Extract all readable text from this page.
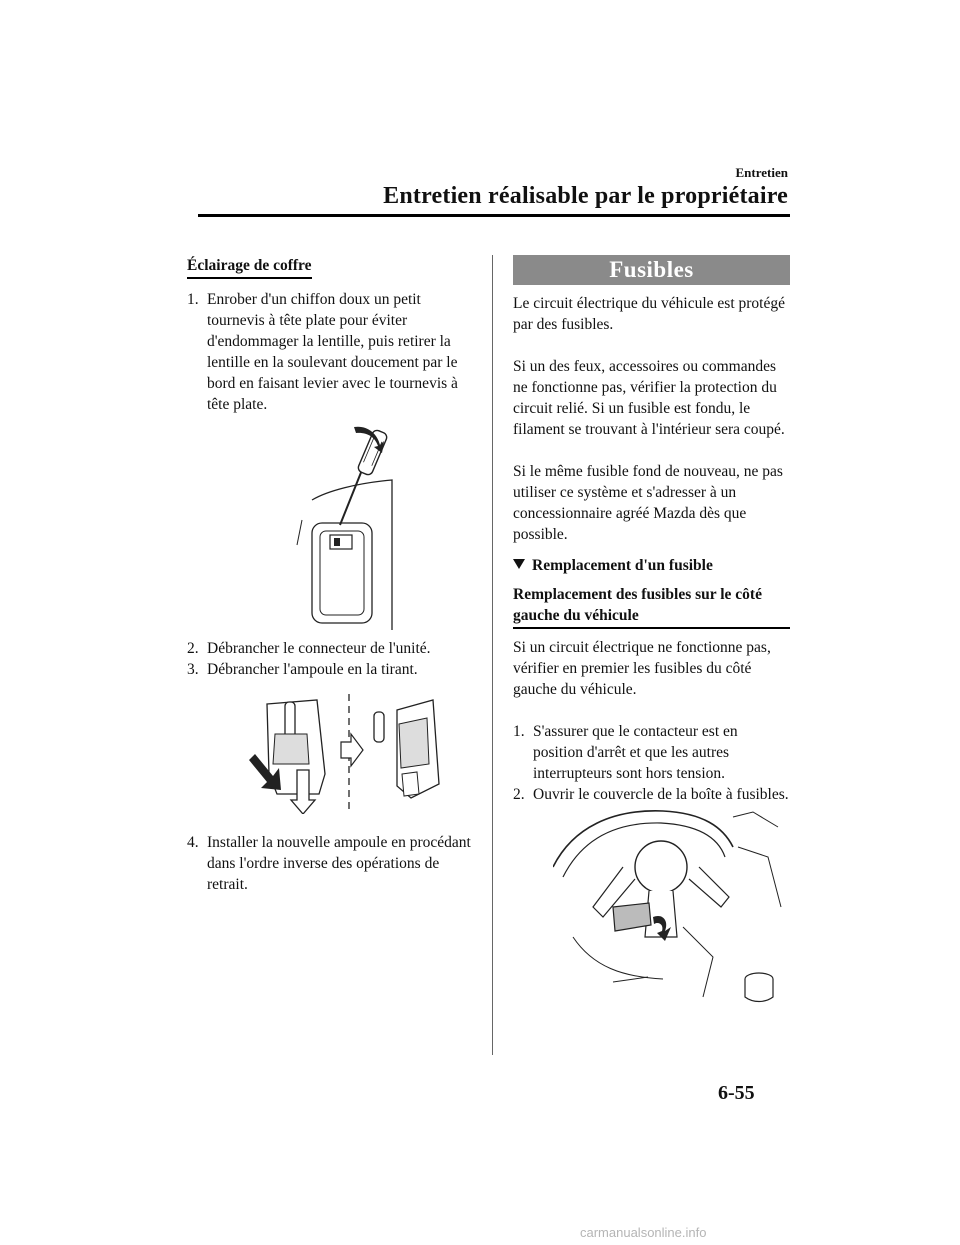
Entretien
Entretien réalisable par le propriétaire
Éclairage de coffre

1. Enrober d'un chiffon doux un petit tournevis à tête plate pour éviter d'endommager la lentille, puis retirer la lentille en la soulevant doucement par le bord en faisant levier avec le tournevis à tête plate.

2. Débrancher le connecteur de l'unité.

3. Débrancher l'ampoule en la tirant.

4. Installer la nouvelle ampoule en procédant dans l'ordre inverse des opérations de retrait.

Fusibles

Le circuit électrique du véhicule est protégé par des fusibles.

Si un des feux, accessoires ou commandes ne fonctionne pas, vérifier la protection du circuit relié. Si un fusible est fondu, le filament se trouvant à l'intérieur sera coupé.

Si le même fusible fond de nouveau, ne pas utiliser ce système et s'adresser à un concessionnaire agréé Mazda dès que possible.

Remplacement d'un fusible

Remplacement des fusibles sur le côté gauche du véhicule

Si un circuit électrique ne fonctionne pas, vérifier en premier les fusibles du côté gauche du véhicule.

1. S'assurer que le contacteur est en position d'arrêt et que les autres interrupteurs sont hors tension.

2. Ouvrir le couvercle de la boîte à fusibles.

6-55
carmanualsonline.info
